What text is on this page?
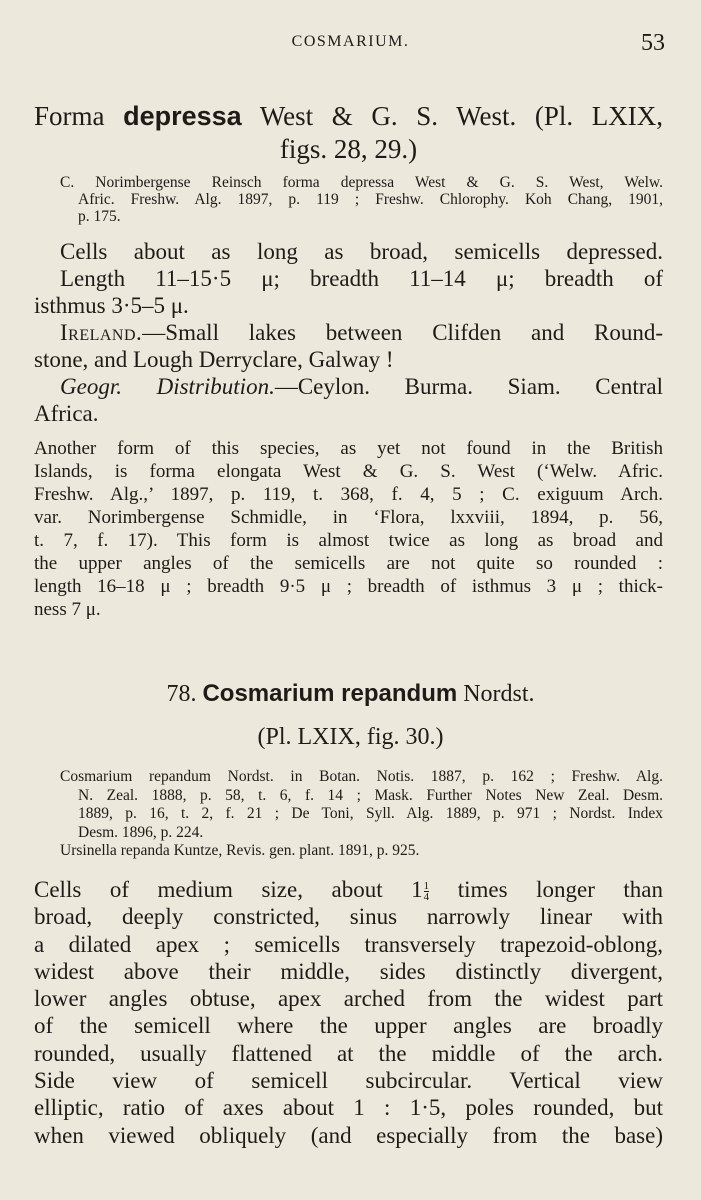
COSMARIUM.	53
Forma depressa West & G. S. West. (Pl. LXIX,
figs. 28, 29.)
C. Norimbergense Reinsch forma depressa West & G. S. West, Welw.
Afric. Freshw. Alg. 1897, p. 119 ; Freshw. Chlorophy. Koh Chang, 1901,
p. 175.
Cells about as long as broad, semicells depressed.
Length 11–15·5 μ; breadth 11–14 μ; breadth of
isthmus 3·5–5 μ.
Ireland.—Small lakes between Clifden and Round-
stone, and Lough Derryclare, Galway !
Geogr. Distribution.—Ceylon. Burma. Siam. Central
Africa.
Another form of this species, as yet not found in the British
Islands, is forma elongata West & G. S. West (‘Welw. Afric.
Freshw. Alg.,’ 1897, p. 119, t. 368, f. 4, 5 ; C. exiguum Arch.
var. Norimbergense Schmidle, in ‘Flora, lxxviii, 1894, p. 56,
t. 7, f. 17). This form is almost twice as long as broad and
the upper angles of the semicells are not quite so rounded :
length 16–18 μ ; breadth 9·5 μ ; breadth of isthmus 3 μ ; thick-
ness 7 μ.
78. Cosmarium repandum Nordst.
(Pl. LXIX, fig. 30.)
Cosmarium repandum Nordst. in Botan. Notis. 1887, p. 162 ; Freshw. Alg.
N. Zeal. 1888, p. 58, t. 6, f. 14 ; Mask. Further Notes New Zeal. Desm.
1889, p. 16, t. 2, f. 21 ; De Toni, Syll. Alg. 1889, p. 971 ; Nordst. Index
Desm. 1896, p. 224.
Ursinella repanda Kuntze, Revis. gen. plant. 1891, p. 925.
Cells of medium size, about $1 \frac{1}{4}$ times longer than
broad, deeply constricted, sinus narrowly linear with
a dilated apex ; semicells transversely trapezoid-oblong,
widest above their middle, sides distinctly divergent,
lower angles obtuse, apex arched from the widest part
of the semicell where the upper angles are broadly
rounded, usually flattened at the middle of the arch.
Side view of semicell subcircular. Vertical view
elliptic, ratio of axes about 1 : 1·5, poles rounded, but
when viewed obliquely (and especially from the base)
